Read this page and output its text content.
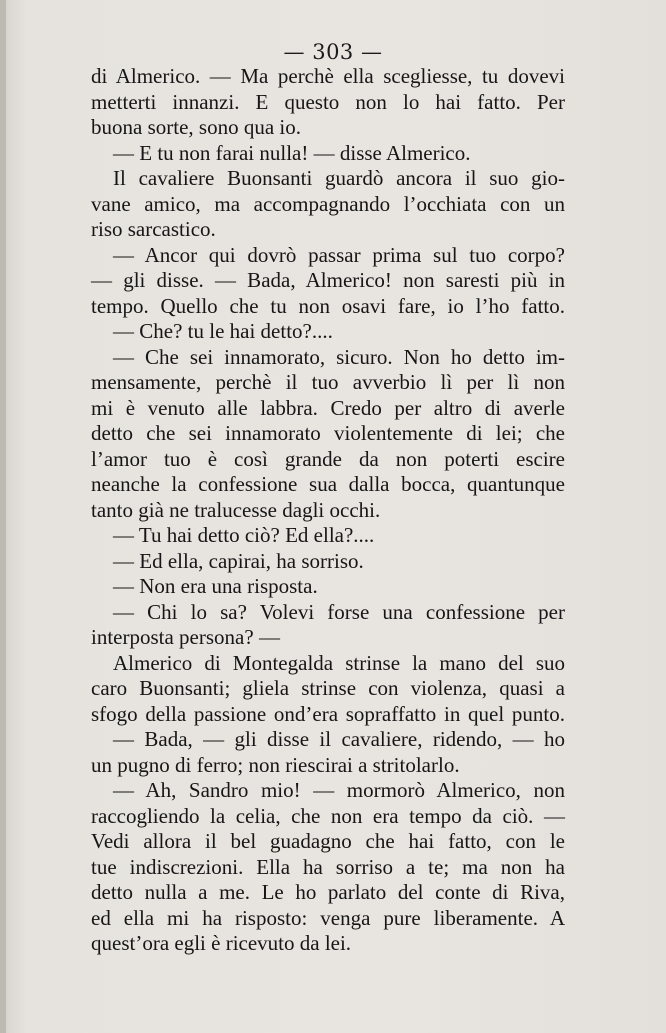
— 303 —
di Almerico. — Ma perchè ella scegliesse, tu dovevi
metterti innanzi. E questo non lo hai fatto. Per
buona sorte, sono qua io.
— E tu non farai nulla! — disse Almerico.
Il cavaliere Buonsanti guardò ancora il suo gio-
vane amico, ma accompagnando l’occhiata con un
riso sarcastico.
— Ancor qui dovrò passar prima sul tuo corpo?
— gli disse. — Bada, Almerico! non saresti più in
tempo. Quello che tu non osavi fare, io l’ho fatto.
— Che? tu le hai detto?....
— Che sei innamorato, sicuro. Non ho detto im-
mensamente, perchè il tuo avverbio lì per lì non
mi è venuto alle labbra. Credo per altro di averle
detto che sei innamorato violentemente di lei; che
l’amor tuo è così grande da non poterti escire
neanche la confessione sua dalla bocca, quantunque
tanto già ne tralucesse dagli occhi.
— Tu hai detto ciò? Ed ella?....
— Ed ella, capirai, ha sorriso.
— Non era una risposta.
— Chi lo sa? Volevi forse una confessione per
interposta persona? —
Almerico di Montegalda strinse la mano del suo
caro Buonsanti; gliela strinse con violenza, quasi a
sfogo della passione ond’era sopraffatto in quel punto.
— Bada, — gli disse il cavaliere, ridendo, — ho
un pugno di ferro; non riescirai a stritolarlo.
— Ah, Sandro mio! — mormorò Almerico, non
raccogliendo la celia, che non era tempo da ciò. —
Vedi allora il bel guadagno che hai fatto, con le
tue indiscrezioni. Ella ha sorriso a te; ma non ha
detto nulla a me. Le ho parlato del conte di Riva,
ed ella mi ha risposto: venga pure liberamente. A
quest’ora egli è ricevuto da lei.
